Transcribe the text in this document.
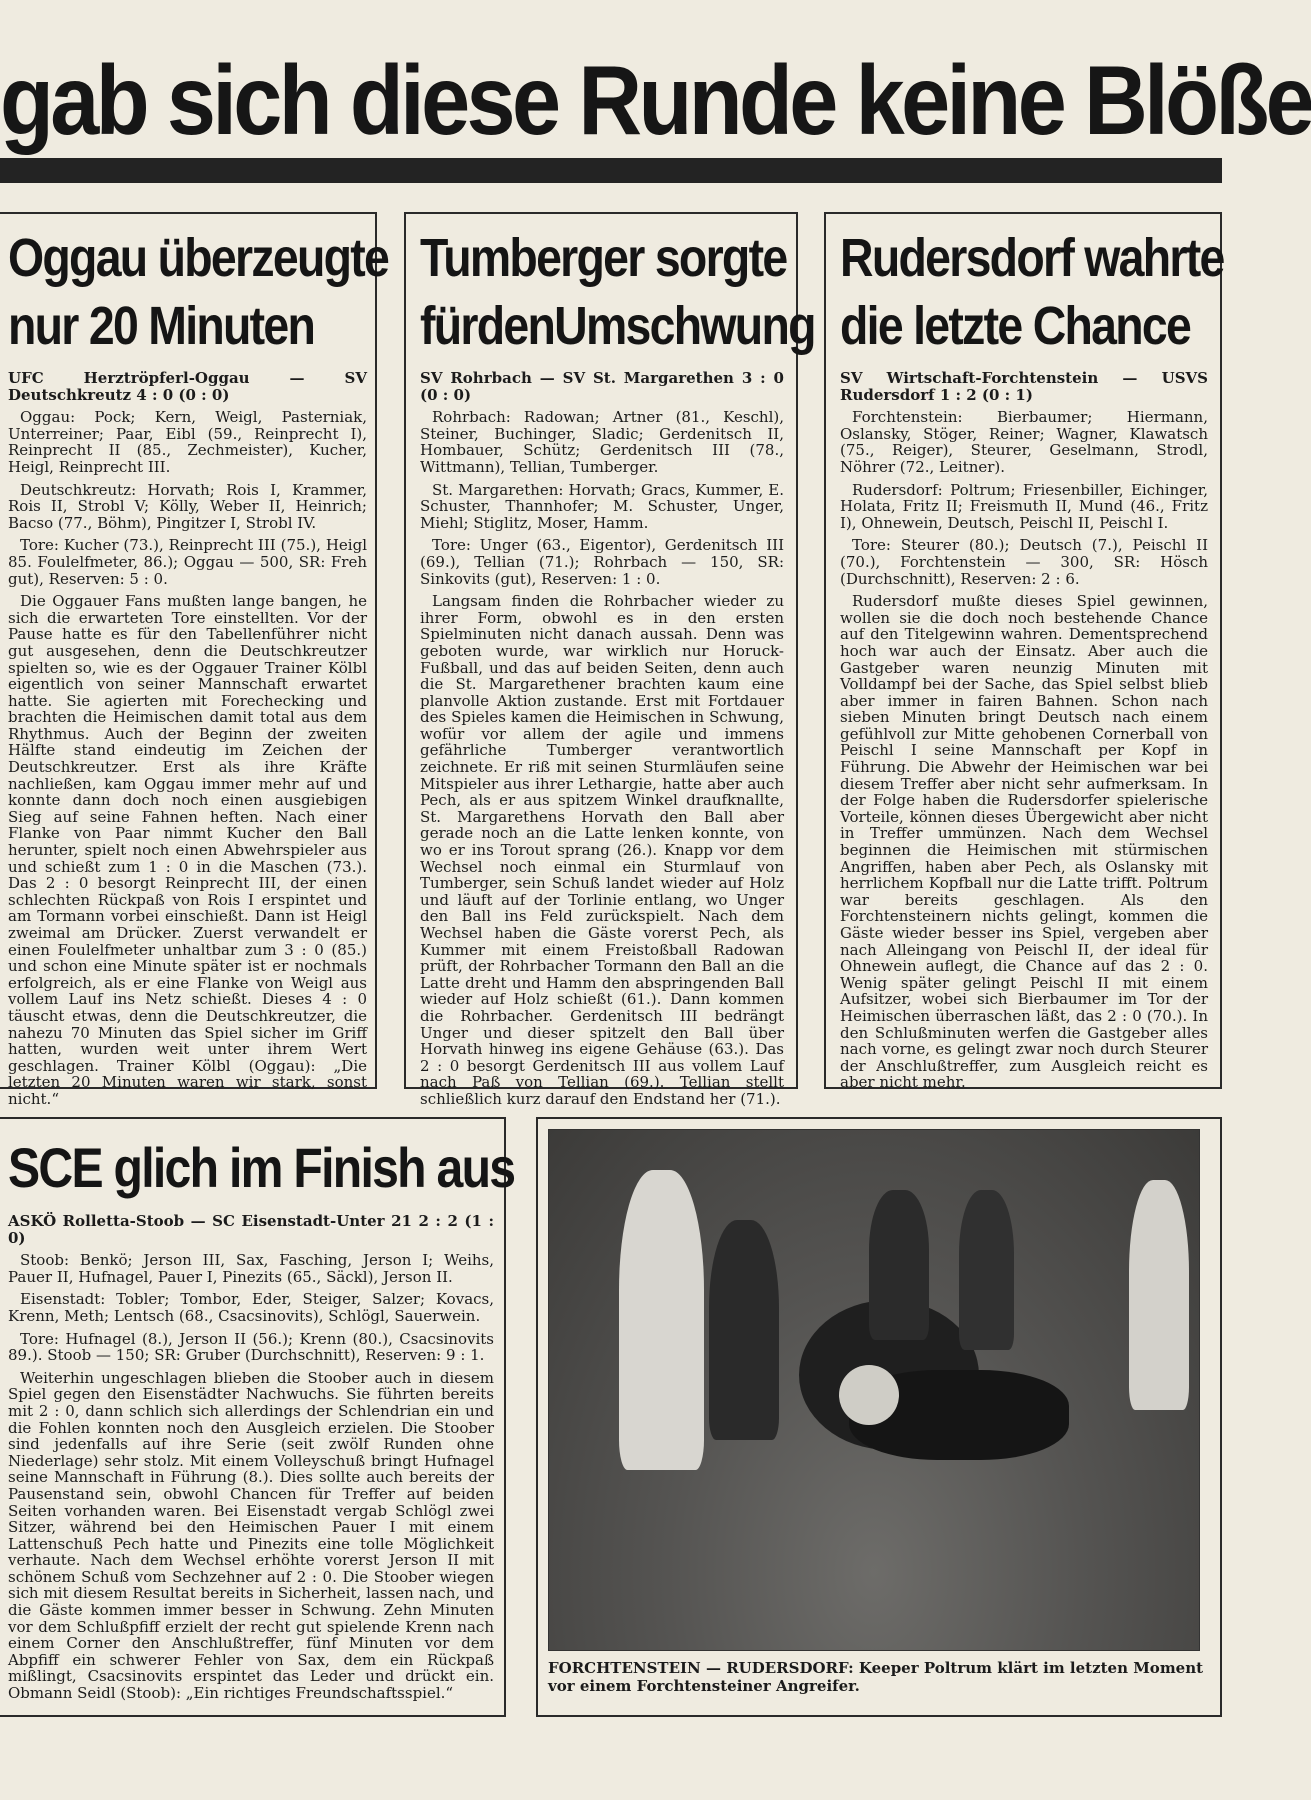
gab sich diese Runde keine Blöße
Oggau überzeugte
nur 20 Minuten

UFC Herztröpferl-Oggau — SV Deutschkreutz 4 : 0 (0 : 0)

Oggau: Pock; Kern, Weigl, Pasterniak, Unterreiner; Paar, Eibl (59., Reinprecht I), Reinprecht II (85., Zechmeister), Kucher, Heigl, Reinprecht III.

Deutschkreutz: Horvath; Rois I, Krammer, Rois II, Strobl V; Kölly, Weber II, Heinrich; Bacso (77., Böhm), Pingitzer I, Strobl IV.

Tore: Kucher (73.), Reinprecht III (75.), Heigl 85. Foulelfmeter, 86.); Oggau — 500, SR: Freh gut), Reserven: 5 : 0.

Die Oggauer Fans mußten lange bangen, he sich die erwarteten Tore einstellten. Vor der Pause hatte es für den Tabellenführer nicht gut ausgesehen, denn die Deutschkreutzer spielten so, wie es der Oggauer Trainer Kölbl eigentlich von seiner Mannschaft erwartet hatte. Sie agierten mit Forechecking und brachten die Heimischen damit total aus dem Rhythmus. Auch der Beginn der zweiten Hälfte stand eindeutig im Zeichen der Deutschkreutzer. Erst als ihre Kräfte nachließen, kam Oggau immer mehr auf und konnte dann doch noch einen ausgiebigen Sieg auf seine Fahnen heften. Nach einer Flanke von Paar nimmt Kucher den Ball herunter, spielt noch einen Abwehrspieler aus und schießt zum 1 : 0 in die Maschen (73.). Das 2 : 0 besorgt Reinprecht III, der einen schlechten Rückpaß von Rois I erspintet und am Tormann vorbei einschießt. Dann ist Heigl zweimal am Drücker. Zuerst verwandelt er einen Foulelfmeter unhaltbar zum 3 : 0 (85.) und schon eine Minute später ist er nochmals erfolgreich, als er eine Flanke von Weigl aus vollem Lauf ins Netz schießt. Dieses 4 : 0 täuscht etwas, denn die Deutschkreutzer, die nahezu 70 Minuten das Spiel sicher im Griff hatten, wurden weit unter ihrem Wert geschlagen. Trainer Kölbl (Oggau): „Die letzten 20 Minuten waren wir stark, sonst nicht.“

Tumberger sorgte
fürdenUmschwung

SV Rohrbach — SV St. Margarethen 3 : 0 (0 : 0)

Rohrbach: Radowan; Artner (81., Keschl), Steiner, Buchinger, Sladic; Gerdenitsch II, Hombauer, Schütz; Gerdenitsch III (78., Wittmann), Tellian, Tumberger.

St. Margarethen: Horvath; Gracs, Kummer, E. Schuster, Thannhofer; M. Schuster, Unger, Miehl; Stiglitz, Moser, Hamm.

Tore: Unger (63., Eigentor), Gerdenitsch III (69.), Tellian (71.); Rohrbach — 150, SR: Sinkovits (gut), Reserven: 1 : 0.

Langsam finden die Rohrbacher wieder zu ihrer Form, obwohl es in den ersten Spielminuten nicht danach aussah. Denn was geboten wurde, war wirklich nur Horuck-Fußball, und das auf beiden Seiten, denn auch die St. Margarethener brachten kaum eine planvolle Aktion zustande. Erst mit Fortdauer des Spieles kamen die Heimischen in Schwung, wofür vor allem der agile und immens gefährliche Tumberger verantwortlich zeichnete. Er riß mit seinen Sturmläufen seine Mitspieler aus ihrer Lethargie, hatte aber auch Pech, als er aus spitzem Winkel draufknallte, St. Margarethens Horvath den Ball aber gerade noch an die Latte lenken konnte, von wo er ins Torout sprang (26.). Knapp vor dem Wechsel noch einmal ein Sturmlauf von Tumberger, sein Schuß landet wieder auf Holz und läuft auf der Torlinie entlang, wo Unger den Ball ins Feld zurückspielt. Nach dem Wechsel haben die Gäste vorerst Pech, als Kummer mit einem Freistoßball Radowan prüft, der Rohrbacher Tormann den Ball an die Latte dreht und Hamm den abspringenden Ball wieder auf Holz schießt (61.). Dann kommen die Rohrbacher. Gerdenitsch III bedrängt Unger und dieser spitzelt den Ball über Horvath hinweg ins eigene Gehäuse (63.). Das 2 : 0 besorgt Gerdenitsch III aus vollem Lauf nach Paß von Tellian (69.). Tellian stellt schließlich kurz darauf den Endstand her (71.).

Rudersdorf wahrte
die letzte Chance

SV Wirtschaft-Forchtenstein — USVS Rudersdorf 1 : 2 (0 : 1)

Forchtenstein: Bierbaumer; Hiermann, Oslansky, Stöger, Reiner; Wagner, Klawatsch (75., Reiger), Steurer, Geselmann, Strodl, Nöhrer (72., Leitner).

Rudersdorf: Poltrum; Friesenbiller, Eichinger, Holata, Fritz II; Freismuth II, Mund (46., Fritz I), Ohnewein, Deutsch, Peischl II, Peischl I.

Tore: Steurer (80.); Deutsch (7.), Peischl II (70.), Forchtenstein — 300, SR: Hösch (Durchschnitt), Reserven: 2 : 6.

Rudersdorf mußte dieses Spiel gewinnen, wollen sie die doch noch bestehende Chance auf den Titelgewinn wahren. Dementsprechend hoch war auch der Einsatz. Aber auch die Gastgeber waren neunzig Minuten mit Volldampf bei der Sache, das Spiel selbst blieb aber immer in fairen Bahnen. Schon nach sieben Minuten bringt Deutsch nach einem gefühlvoll zur Mitte gehobenen Cornerball von Peischl I seine Mannschaft per Kopf in Führung. Die Abwehr der Heimischen war bei diesem Treffer aber nicht sehr aufmerksam. In der Folge haben die Rudersdorfer spielerische Vorteile, können dieses Übergewicht aber nicht in Treffer ummünzen. Nach dem Wechsel beginnen die Heimischen mit stürmischen Angriffen, haben aber Pech, als Oslansky mit herrlichem Kopfball nur die Latte trifft. Poltrum war bereits geschlagen. Als den Forchtensteinern nichts gelingt, kommen die Gäste wieder besser ins Spiel, vergeben aber nach Alleingang von Peischl II, der ideal für Ohnewein auflegt, die Chance auf das 2 : 0. Wenig später gelingt Peischl II mit einem Aufsitzer, wobei sich Bierbaumer im Tor der Heimischen überraschen läßt, das 2 : 0 (70.). In den Schlußminuten werfen die Gastgeber alles nach vorne, es gelingt zwar noch durch Steurer der Anschlußtreffer, zum Ausgleich reicht es aber nicht mehr.

SCE glich im Finish aus

ASKÖ Rolletta-Stoob — SC Eisenstadt-Unter 21 2 : 2 (1 : 0)

Stoob: Benkö; Jerson III, Sax, Fasching, Jerson I; Weihs, Pauer II, Hufnagel, Pauer I, Pinezits (65., Säckl), Jerson II.

Eisenstadt: Tobler; Tombor, Eder, Steiger, Salzer; Kovacs, Krenn, Meth; Lentsch (68., Csacsinovits), Schlögl, Sauerwein.

Tore: Hufnagel (8.), Jerson II (56.); Krenn (80.), Csacsinovits 89.). Stoob — 150; SR: Gruber (Durchschnitt), Reserven: 9 : 1.

Weiterhin ungeschlagen blieben die Stoober auch in diesem Spiel gegen den Eisenstädter Nachwuchs. Sie führten bereits mit 2 : 0, dann schlich sich allerdings der Schlendrian ein und die Fohlen konnten noch den Ausgleich erzielen. Die Stoober sind jedenfalls auf ihre Serie (seit zwölf Runden ohne Niederlage) sehr stolz. Mit einem Volleyschuß bringt Hufnagel seine Mannschaft in Führung (8.). Dies sollte auch bereits der Pausenstand sein, obwohl Chancen für Treffer auf beiden Seiten vorhanden waren. Bei Eisenstadt vergab Schlögl zwei Sitzer, während bei den Heimischen Pauer I mit einem Lattenschuß Pech hatte und Pinezits eine tolle Möglichkeit verhaute. Nach dem Wechsel erhöhte vorerst Jerson II mit schönem Schuß vom Sechzehner auf 2 : 0. Die Stoober wiegen sich mit diesem Resultat bereits in Sicherheit, lassen nach, und die Gäste kommen immer besser in Schwung. Zehn Minuten vor dem Schlußpfiff erzielt der recht gut spielende Krenn nach einem Corner den Anschlußtreffer, fünf Minuten vor dem Abpfiff ein schwerer Fehler von Sax, dem ein Rückpaß mißlingt, Csacsinovits erspintet das Leder und drückt ein. Obmann Seidl (Stoob): „Ein richtiges Freundschaftsspiel.“

FORCHTENSTEIN — RUDERSDORF: Keeper Poltrum klärt im letzten Moment vor einem Forchtensteiner Angreifer.
